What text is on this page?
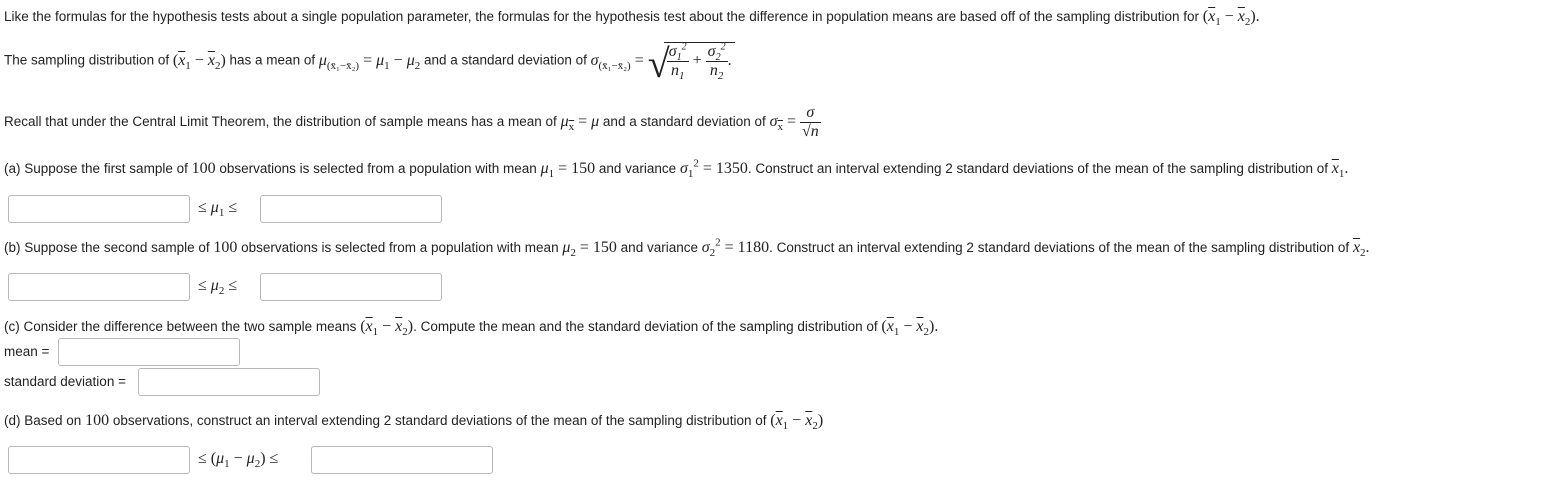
Like the formulas for the hypothesis tests about a single population parameter, the formulas for the hypothesis test about the difference in population means are based off of the sampling distribution for $(\overline{x}_1 - \overline{x}_2)$.
The sampling distribution of $(\overline{x}_1 - \overline{x}_2)$ has a mean of $\mu_{(x̄_1-x̄_2)} = \mu_1 - \mu_2$ and a standard deviation of $\sigma_{(x̄_1-x̄_2)}$ = √
$\frac{\sigma_1^2}{n_1} + \frac{\sigma_2^2}{n_2}$ .
Recall that under the Central Limit Theorem, the distribution of sample means has a mean of $\mu_{\overline{x}} = \mu$ and a standard deviation of $\sigma_{\overline{x}} = \frac{\sigma}{√n}$
(a) Suppose the first sample of 100 observations is selected from a population with mean $\mu_1 = 150$ and variance $\sigma_1^2 = 1350$. Construct an interval extending 2 standard deviations of the mean of the sampling distribution of $\overline{x}_1$.
≤ $\mu_1$ ≤
(b) Suppose the second sample of 100 observations is selected from a population with mean $\mu_2 = 150$ and variance $\sigma_2^2 = 1180$. Construct an interval extending 2 standard deviations of the mean of the sampling distribution of $\overline{x}_2$.
≤ $\mu_2$ ≤
(c) Consider the difference between the two sample means $(\overline{x}_1 - \overline{x}_2)$. Compute the mean and the standard deviation of the sampling distribution of $(\overline{x}_1 - \overline{x}_2)$.
mean =
standard deviation =
(d) Based on 100 observations, construct an interval extending 2 standard deviations of the mean of the sampling distribution of $(\overline{x}_1 - \overline{x}_2)$
≤ $(\mu_1 - \mu_2)$ ≤
